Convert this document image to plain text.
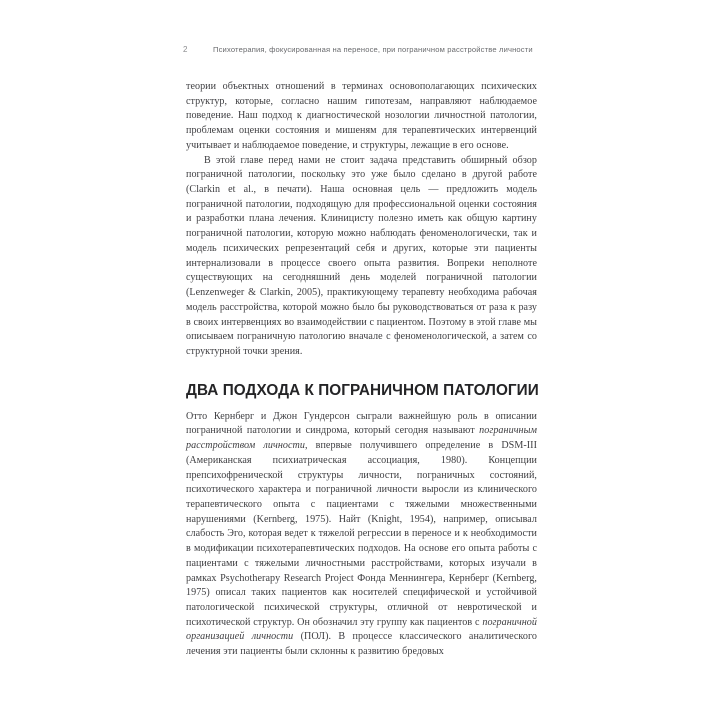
2	Психотерапия, фокусированная на переносе, при пограничном расстройстве личности

теории объектных отношений в терминах основополагающих психических структур, которые, согласно нашим гипотезам, направляют наблюдаемое поведение. Наш подход к диагностической нозологии личностной патологии, проблемам оценки состояния и мишеням для терапевтических интервенций учитывает и наблюдаемое поведение, и структуры, лежащие в его основе.

В этой главе перед нами не стоит задача представить обширный обзор пограничной патологии, поскольку это уже было сделано в другой работе (Clarkin et al., в печати). Наша основная цель — предложить модель пограничной патологии, подходящую для профессиональной оценки состояния и разработки плана лечения. Клиницисту полезно иметь как общую картину пограничной патологии, которую можно наблюдать феноменологически, так и модель психических репрезентаций себя и других, которые эти пациенты интернализовали в процессе своего опыта развития. Вопреки неполноте существующих на сегодняшний день моделей пограничной патологии (Lenzenweger & Clarkin, 2005), практикующему терапевту необходима рабочая модель расстройства, которой можно было бы руководствоваться от раза к разу в своих интервенциях во взаимодействии с пациентом. Поэтому в этой главе мы описываем пограничную патологию вначале с феноменологической, а затем со структурной точки зрения.

ДВА ПОДХОДА К ПОГРАНИЧНОМ ПАТОЛОГИИ

Отто Кернберг и Джон Гундерсон сыграли важнейшую роль в описании пограничной патологии и синдрома, который сегодня называют пограничным расстройством личности, впервые получившего определение в DSM-III (Американская психиатрическая ассоциация, 1980). Концепции препсихофренической структуры личности, пограничных состояний, психотического характера и пограничной личности выросли из клинического терапевтического опыта с пациентами с тяжелыми множественными нарушениями (Kernberg, 1975). Найт (Knight, 1954), например, описывал слабость Эго, которая ведет к тяжелой регрессии в переносе и к необходимости в модификации психотерапевтических подходов. На основе его опыта работы с пациентами с тяжелыми личностными расстройствами, которых изучали в рамках Psychotherapy Research Project Фонда Меннингера, Кернберг (Kernberg, 1975) описал таких пациентов как носителей специфической и устойчивой патологической психической структуры, отличной от невротической и психотической структур. Он обозначил эту группу как пациентов с пограничной организацией личности (ПОЛ). В процессе классического аналитического лечения эти пациенты были склонны к развитию бредовых
